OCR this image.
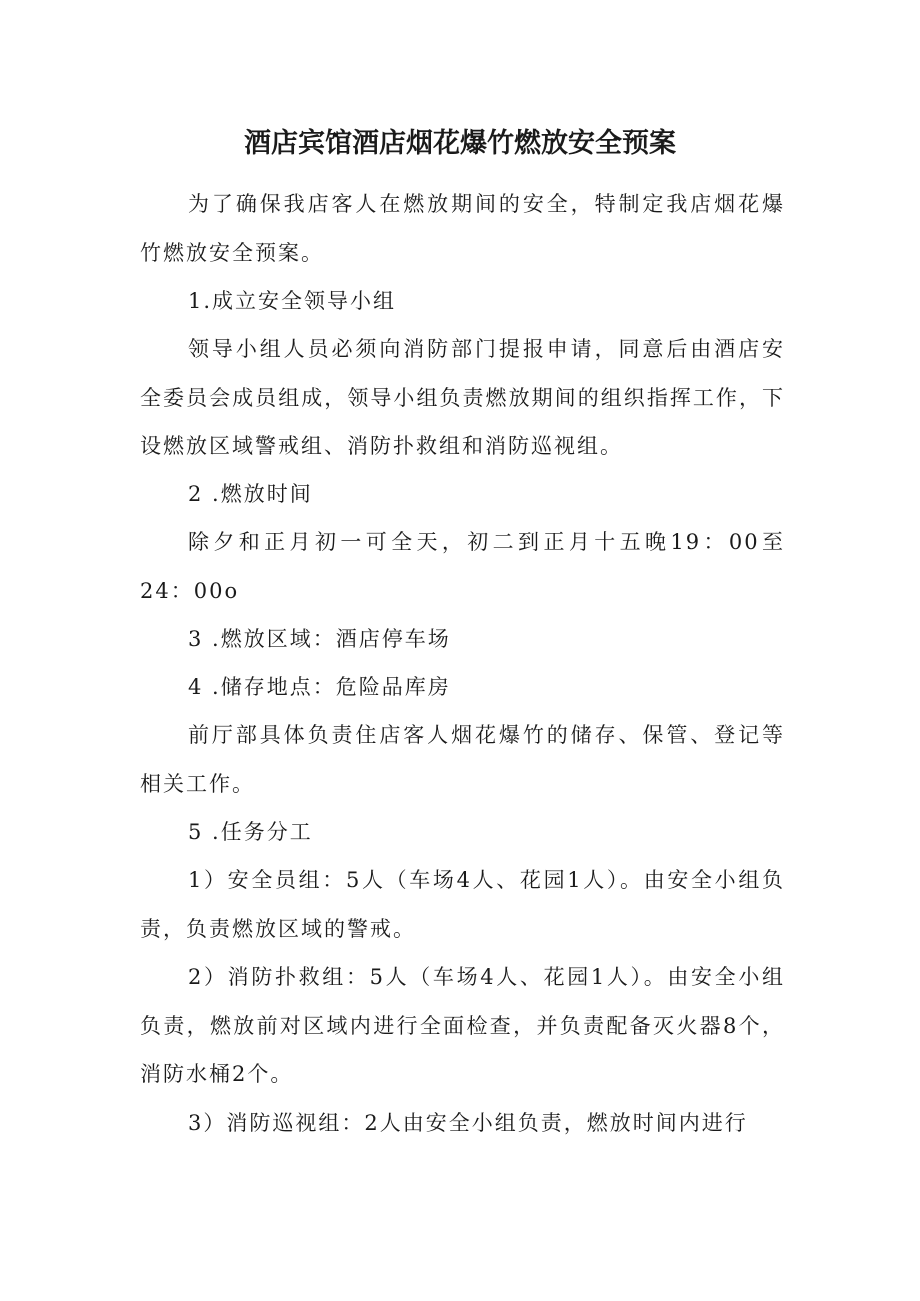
酒店宾馆酒店烟花爆竹燃放安全预案

为了确保我店客人在燃放期间的安全，特制定我店烟花爆竹燃放安全预案。

1.成立安全领导小组

领导小组人员必须向消防部门提报申请，同意后由酒店安全委员会成员组成，领导小组负责燃放期间的组织指挥工作，下设燃放区域警戒组、消防扑救组和消防巡视组。

2 .燃放时间

除夕和正月初一可全天，初二到正月十五晚19：00至24：00o

3 .燃放区域：酒店停车场

4 .储存地点：危险品库房

前厅部具体负责住店客人烟花爆竹的储存、保管、登记等相关工作。

5 .任务分工

1）安全员组：5人（车场4人、花园1人）。由安全小组负责，负责燃放区域的警戒。

2）消防扑救组：5人（车场4人、花园1人）。由安全小组负责，燃放前对区域内进行全面检查，并负责配备灭火器8个，消防水桶2个。

3）消防巡视组：2人由安全小组负责，燃放时间内进行
